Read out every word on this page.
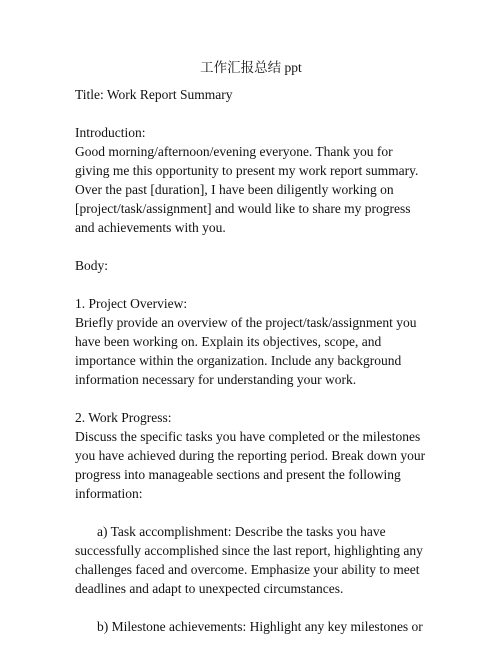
工作汇报总结 ppt

Title: Work Report Summary

Introduction:

Good morning/afternoon/evening everyone. Thank you for giving me this opportunity to present my work report summary. Over the past [duration], I have been diligently working on [project/task/assignment] and would like to share my progress and achievements with you.

Body:

1. Project Overview:

Briefly provide an overview of the project/task/assignment you have been working on. Explain its objectives, scope, and importance within the organization. Include any background information necessary for understanding your work.

2. Work Progress:

Discuss the specific tasks you have completed or the milestones you have achieved during the reporting period. Break down your progress into manageable sections and present the following information:

a) Task accomplishment: Describe the tasks you have successfully accomplished since the last report, highlighting any challenges faced and overcome. Emphasize your ability to meet deadlines and adapt to unexpected circumstances.

b) Milestone achievements: Highlight any key milestones or
